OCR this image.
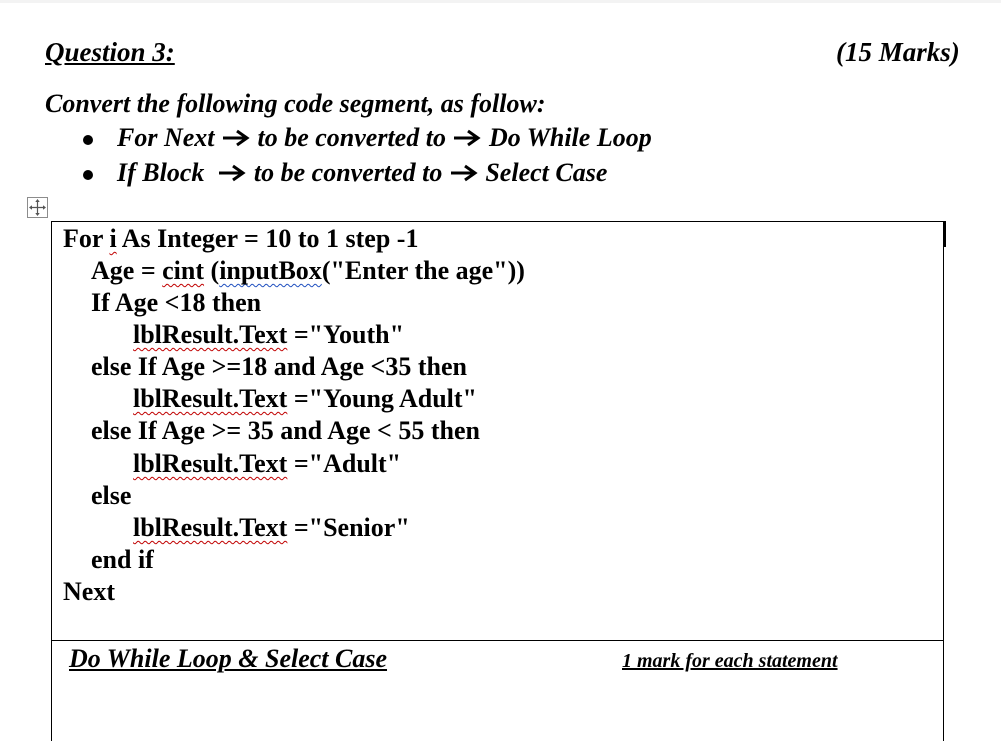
Question 3:	(15 Marks)
Convert the following code segment, as follow:
For Next to be converted to Do While Loop
If Block to be converted to Select Case
For i As Integer = 10 to 1 step -1
Age = cint (inputBox("Enter the age"))
If Age <18 then
lblResult.Text ="Youth"
else If Age >=18 and Age <35 then
lblResult.Text ="Young Adult"
else If Age >= 35 and Age < 55 then
lblResult.Text ="Adult"
else
lblResult.Text ="Senior"
end if
Next
Do While Loop & Select Case	1 mark for each statement
